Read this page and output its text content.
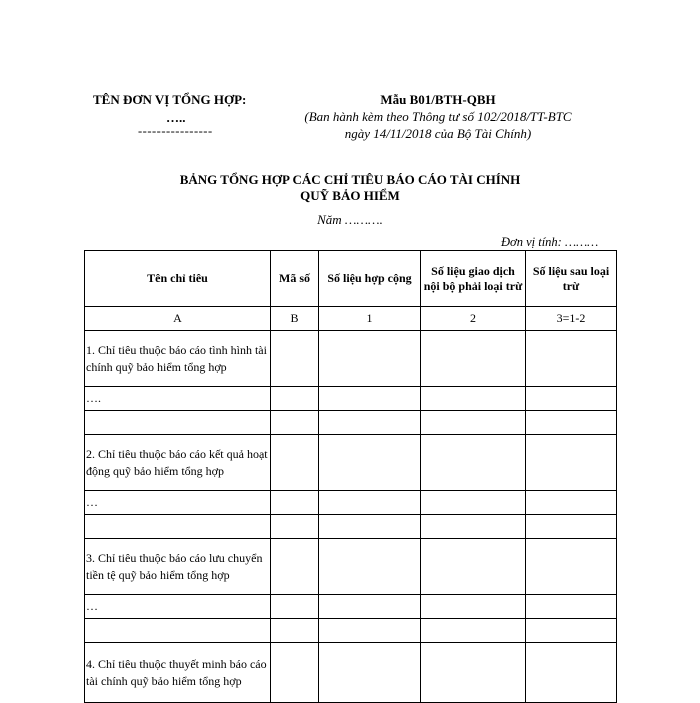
TÊN ĐƠN VỊ TỔNG HỢP:
…..
----------------
Mẫu B01/BTH-QBH
(Ban hành kèm theo Thông tư số 102/2018/TT-BTC
ngày 14/11/2018 của Bộ Tài Chính)
BẢNG TỔNG HỢP CÁC CHỈ TIÊU BÁO CÁO TÀI CHÍNH
QUỸ BẢO HIỂM
Năm ……….
Đơn vị tính: ………
Tên chỉ tiêu	Mã số	Số liệu hợp cộng	Số liệu giao dịch nội bộ phải loại trừ	Số liệu sau loại trừ
A	B	1	2	3=1-2
1. Chỉ tiêu thuộc báo cáo tình hình tài chính quỹ bảo hiểm tổng hợp				
….				

2. Chỉ tiêu thuộc báo cáo kết quả hoạt động quỹ bảo hiểm tổng hợp				
…				

3. Chỉ tiêu thuộc báo cáo lưu chuyển tiền tệ quỹ bảo hiểm tổng hợp				
…				

4. Chỉ tiêu thuộc thuyết minh báo cáo tài chính quỹ bảo hiểm tổng hợp				
